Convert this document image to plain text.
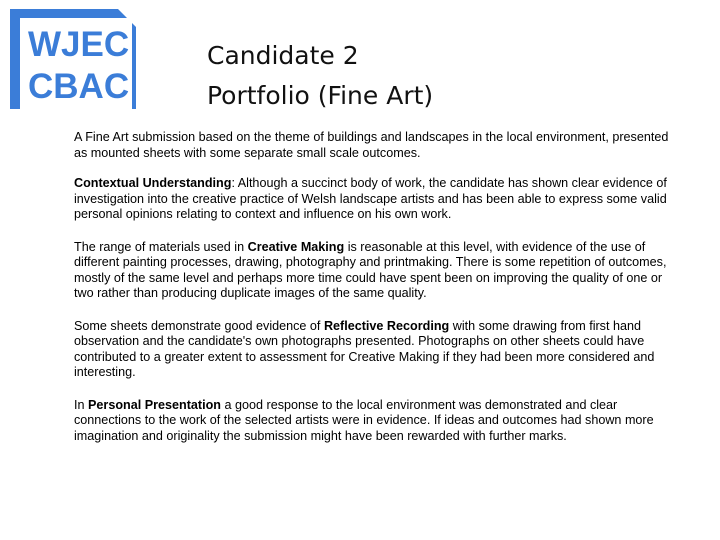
WJEC
CBAC
Candidate 2
Portfolio (Fine Art)

A Fine Art submission based on the theme of buildings and landscapes in the local environment, presented as mounted sheets with some separate small scale outcomes.

Contextual Understanding: Although a succinct body of work, the candidate has shown clear evidence of investigation into the creative practice of Welsh landscape artists and has been able to express some valid personal opinions relating to context and influence on his own work.

The range of materials used in Creative Making is reasonable at this level, with evidence of the use of different painting processes, drawing, photography and printmaking. There is some repetition of outcomes, mostly of the same level and perhaps more time could have spent been on improving the quality of one or two rather than producing duplicate images of the same quality.

Some sheets demonstrate good evidence of Reflective Recording with some drawing from first hand observation and the candidate's own photographs presented. Photographs on other sheets could have contributed to a greater extent to assessment for Creative Making if they had been more considered and interesting.

In Personal Presentation a good response to the local environment was demonstrated and clear connections to the work of the selected artists were in evidence. If ideas and outcomes had shown more imagination and originality the submission might have been rewarded with further marks.
